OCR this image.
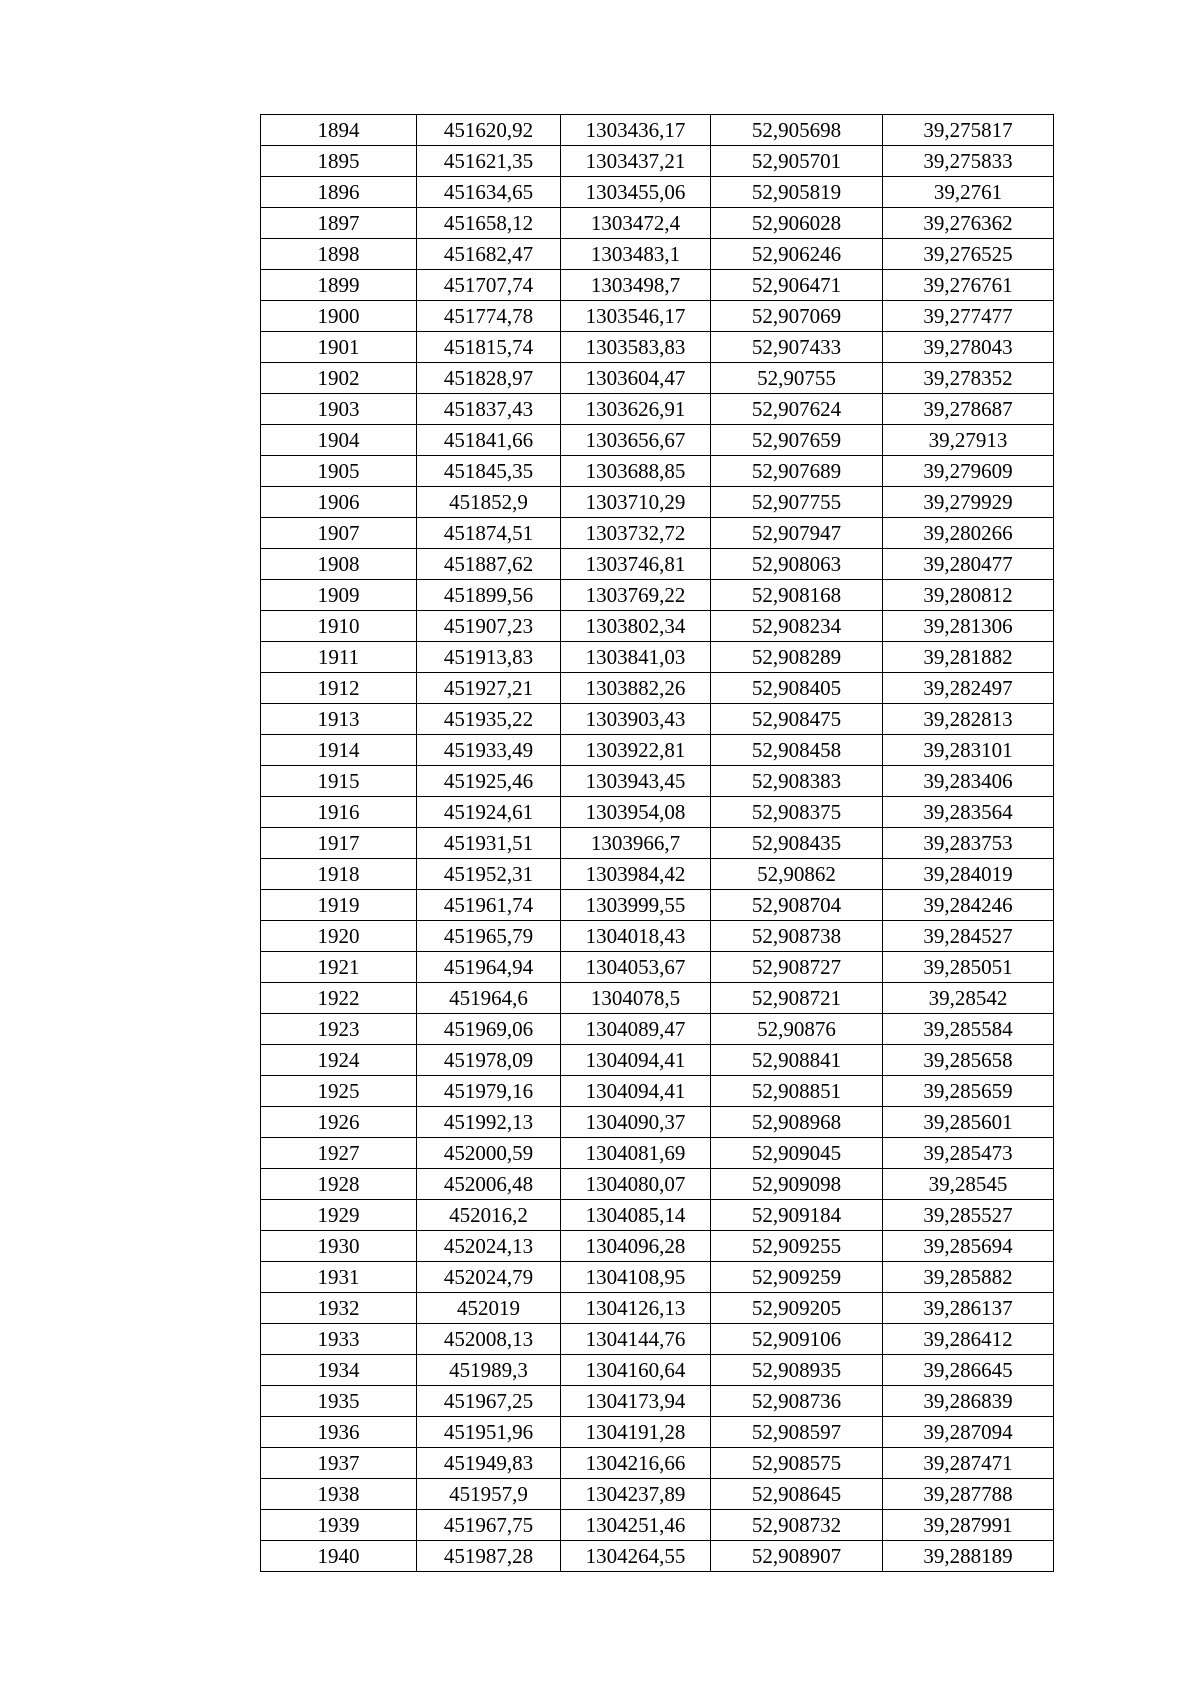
1894	451620,92	1303436,17	52,905698	39,275817
1895	451621,35	1303437,21	52,905701	39,275833
1896	451634,65	1303455,06	52,905819	39,2761
1897	451658,12	1303472,4	52,906028	39,276362
1898	451682,47	1303483,1	52,906246	39,276525
1899	451707,74	1303498,7	52,906471	39,276761
1900	451774,78	1303546,17	52,907069	39,277477
1901	451815,74	1303583,83	52,907433	39,278043
1902	451828,97	1303604,47	52,90755	39,278352
1903	451837,43	1303626,91	52,907624	39,278687
1904	451841,66	1303656,67	52,907659	39,27913
1905	451845,35	1303688,85	52,907689	39,279609
1906	451852,9	1303710,29	52,907755	39,279929
1907	451874,51	1303732,72	52,907947	39,280266
1908	451887,62	1303746,81	52,908063	39,280477
1909	451899,56	1303769,22	52,908168	39,280812
1910	451907,23	1303802,34	52,908234	39,281306
1911	451913,83	1303841,03	52,908289	39,281882
1912	451927,21	1303882,26	52,908405	39,282497
1913	451935,22	1303903,43	52,908475	39,282813
1914	451933,49	1303922,81	52,908458	39,283101
1915	451925,46	1303943,45	52,908383	39,283406
1916	451924,61	1303954,08	52,908375	39,283564
1917	451931,51	1303966,7	52,908435	39,283753
1918	451952,31	1303984,42	52,90862	39,284019
1919	451961,74	1303999,55	52,908704	39,284246
1920	451965,79	1304018,43	52,908738	39,284527
1921	451964,94	1304053,67	52,908727	39,285051
1922	451964,6	1304078,5	52,908721	39,28542
1923	451969,06	1304089,47	52,90876	39,285584
1924	451978,09	1304094,41	52,908841	39,285658
1925	451979,16	1304094,41	52,908851	39,285659
1926	451992,13	1304090,37	52,908968	39,285601
1927	452000,59	1304081,69	52,909045	39,285473
1928	452006,48	1304080,07	52,909098	39,28545
1929	452016,2	1304085,14	52,909184	39,285527
1930	452024,13	1304096,28	52,909255	39,285694
1931	452024,79	1304108,95	52,909259	39,285882
1932	452019	1304126,13	52,909205	39,286137
1933	452008,13	1304144,76	52,909106	39,286412
1934	451989,3	1304160,64	52,908935	39,286645
1935	451967,25	1304173,94	52,908736	39,286839
1936	451951,96	1304191,28	52,908597	39,287094
1937	451949,83	1304216,66	52,908575	39,287471
1938	451957,9	1304237,89	52,908645	39,287788
1939	451967,75	1304251,46	52,908732	39,287991
1940	451987,28	1304264,55	52,908907	39,288189
